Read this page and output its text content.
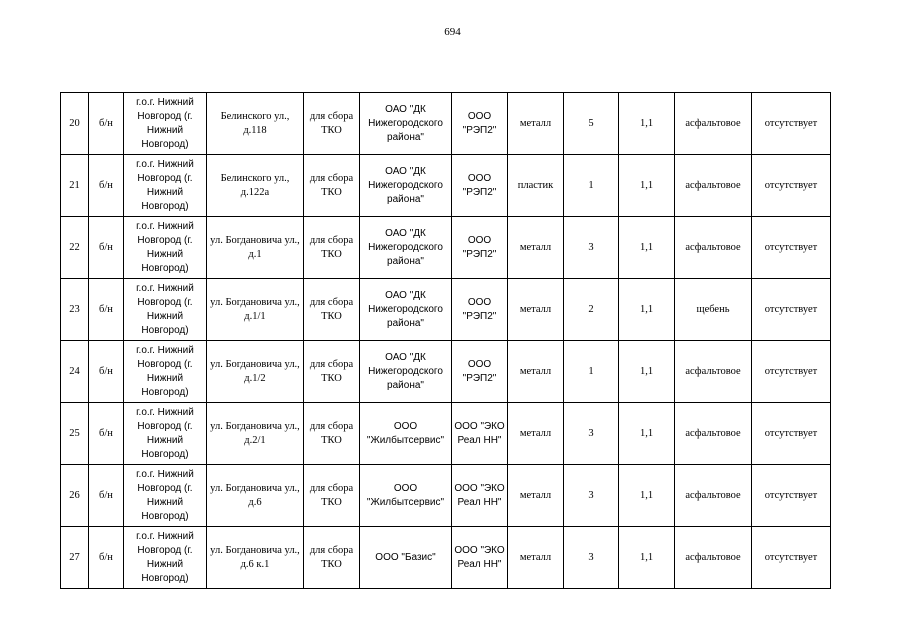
694
20	б/н	г.о.г. Нижний Новгород (г. Нижний Новгород)	Белинского ул., д.118	для сбора ТКО	ОАО "ДК Нижегородского района"	ООО "РЭП2"	металл	5	1,1	асфальтовое	отсутствует
21	б/н	г.о.г. Нижний Новгород (г. Нижний Новгород)	Белинского ул., д.122а	для сбора ТКО	ОАО "ДК Нижегородского района"	ООО "РЭП2"	пластик	1	1,1	асфальтовое	отсутствует
22	б/н	г.о.г. Нижний Новгород (г. Нижний Новгород)	ул. Богдановича ул., д.1	для сбора ТКО	ОАО "ДК Нижегородского района"	ООО "РЭП2"	металл	3	1,1	асфальтовое	отсутствует
23	б/н	г.о.г. Нижний Новгород (г. Нижний Новгород)	ул. Богдановича ул., д.1/1	для сбора ТКО	ОАО "ДК Нижегородского района"	ООО "РЭП2"	металл	2	1,1	щебень	отсутствует
24	б/н	г.о.г. Нижний Новгород (г. Нижний Новгород)	ул. Богдановича ул., д.1/2	для сбора ТКО	ОАО "ДК Нижегородского района"	ООО "РЭП2"	металл	1	1,1	асфальтовое	отсутствует
25	б/н	г.о.г. Нижний Новгород (г. Нижний Новгород)	ул. Богдановича ул., д.2/1	для сбора ТКО	ООО "Жилбытсервис"	ООО "ЭКО Реал НН"	металл	3	1,1	асфальтовое	отсутствует
26	б/н	г.о.г. Нижний Новгород (г. Нижний Новгород)	ул. Богдановича ул., д.6	для сбора ТКО	ООО "Жилбытсервис"	ООО "ЭКО Реал НН"	металл	3	1,1	асфальтовое	отсутствует
27	б/н	г.о.г. Нижний Новгород (г. Нижний Новгород)	ул. Богдановича ул., д.6 к.1	для сбора ТКО	ООО "Базис"	ООО "ЭКО Реал НН"	металл	3	1,1	асфальтовое	отсутствует
